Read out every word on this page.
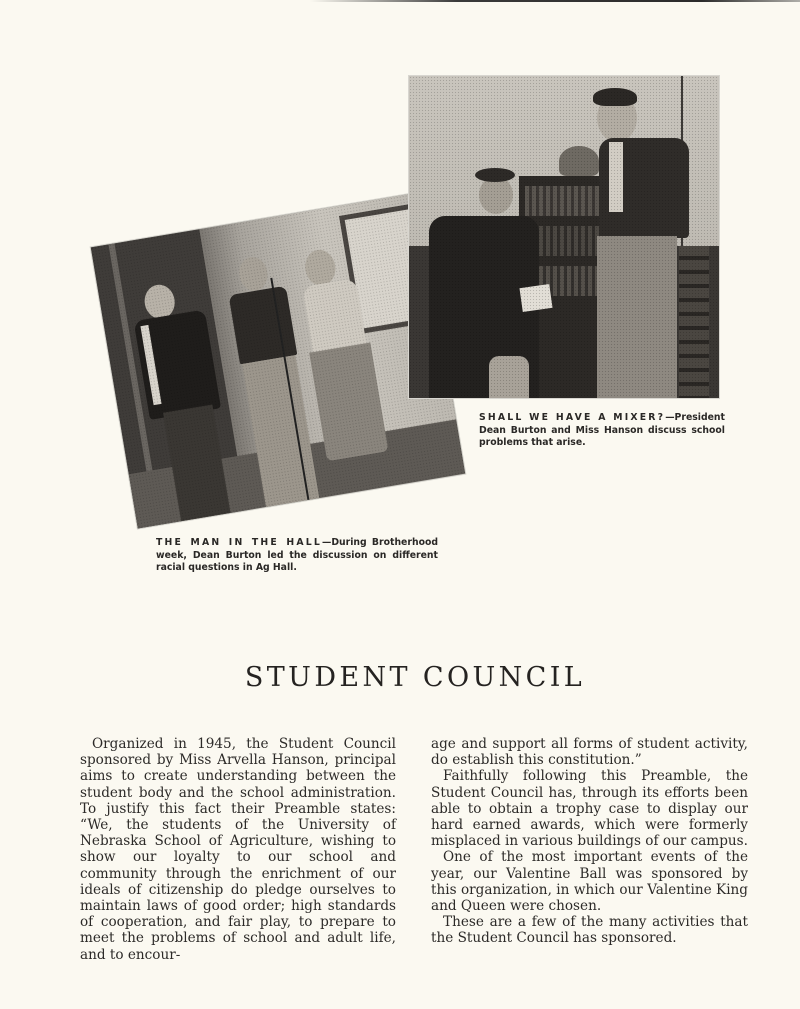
SHALL WE HAVE A MIXER?—President Dean Burton and Miss Hanson discuss school problems that arise.
THE MAN IN THE HALL—During Brotherhood week, Dean Burton led the discussion on different racial questions in Ag Hall.
STUDENT COUNCIL

Organized in 1945, the Student Council sponsored by Miss Arvella Hanson, principal aims to create understanding between the student body and the school administration. To justify this fact their Preamble states: “We, the students of the University of Nebraska School of Agriculture, wishing to show our loyalty to our school and community through the enrichment of our ideals of citizenship do pledge ourselves to maintain laws of good order; high standards of cooperation, and fair play, to prepare to meet the problems of school and adult life, and to encour-

age and support all forms of student activity, do establish this constitution.”

Faithfully following this Preamble, the Student Council has, through its efforts been able to obtain a trophy case to display our hard earned awards, which were formerly misplaced in various buildings of our campus.

One of the most important events of the year, our Valentine Ball was sponsored by this organization, in which our Valentine King and Queen were chosen.

These are a few of the many activities that the Student Council has sponsored.
